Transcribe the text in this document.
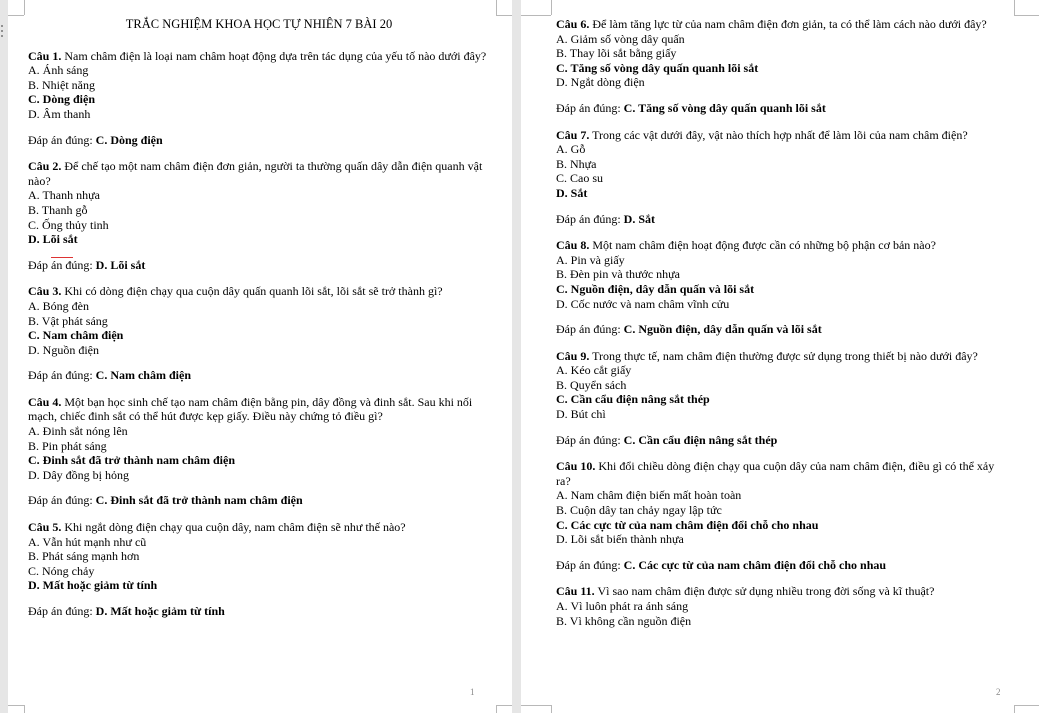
TRẮC NGHIỆM KHOA HỌC TỰ NHIÊN 7 BÀI 20
Câu 1. Nam châm điện là loại nam châm hoạt động dựa trên tác dụng của yếu tố nào dưới đây?
A. Ánh sáng
B. Nhiệt năng
C. Dòng điện
D. Âm thanh
Đáp án đúng: C. Dòng điện
Câu 2. Để chế tạo một nam châm điện đơn giản, người ta thường quấn dây dẫn điện quanh vật nào?
A. Thanh nhựa
B. Thanh gỗ
C. Ống thủy tinh
D. Lõi sắt
Đáp án đúng: D. Lõi sắt
Câu 3. Khi có dòng điện chạy qua cuộn dây quấn quanh lõi sắt, lõi sắt sẽ trở thành gì?
A. Bóng đèn
B. Vật phát sáng
C. Nam châm điện
D. Nguồn điện
Đáp án đúng: C. Nam châm điện
Câu 4. Một bạn học sinh chế tạo nam châm điện bằng pin, dây đồng và đinh sắt. Sau khi nối mạch, chiếc đinh sắt có thể hút được kẹp giấy. Điều này chứng tỏ điều gì?
A. Đinh sắt nóng lên
B. Pin phát sáng
C. Đinh sắt đã trở thành nam châm điện
D. Dây đồng bị hỏng
Đáp án đúng: C. Đinh sắt đã trở thành nam châm điện
Câu 5. Khi ngắt dòng điện chạy qua cuộn dây, nam châm điện sẽ như thế nào?
A. Vẫn hút mạnh như cũ
B. Phát sáng mạnh hơn
C. Nóng chảy
D. Mất hoặc giảm từ tính
Đáp án đúng: D. Mất hoặc giảm từ tính
1
Câu 6. Để làm tăng lực từ của nam châm điện đơn giản, ta có thể làm cách nào dưới đây?
A. Giảm số vòng dây quấn
B. Thay lõi sắt bằng giấy
C. Tăng số vòng dây quấn quanh lõi sắt
D. Ngắt dòng điện
Đáp án đúng: C. Tăng số vòng dây quấn quanh lõi sắt
Câu 7. Trong các vật dưới đây, vật nào thích hợp nhất để làm lõi của nam châm điện?
A. Gỗ
B. Nhựa
C. Cao su
D. Sắt
Đáp án đúng: D. Sắt
Câu 8. Một nam châm điện hoạt động được cần có những bộ phận cơ bản nào?
A. Pin và giấy
B. Đèn pin và thước nhựa
C. Nguồn điện, dây dẫn quấn và lõi sắt
D. Cốc nước và nam châm vĩnh cửu
Đáp án đúng: C. Nguồn điện, dây dẫn quấn và lõi sắt
Câu 9. Trong thực tế, nam châm điện thường được sử dụng trong thiết bị nào dưới đây?
A. Kéo cắt giấy
B. Quyển sách
C. Cần cẩu điện nâng sắt thép
D. Bút chì
Đáp án đúng: C. Cần cẩu điện nâng sắt thép
Câu 10. Khi đổi chiều dòng điện chạy qua cuộn dây của nam châm điện, điều gì có thể xảy ra?
A. Nam châm điện biến mất hoàn toàn
B. Cuộn dây tan chảy ngay lập tức
C. Các cực từ của nam châm điện đổi chỗ cho nhau
D. Lõi sắt biến thành nhựa
Đáp án đúng: C. Các cực từ của nam châm điện đổi chỗ cho nhau
Câu 11. Vì sao nam châm điện được sử dụng nhiều trong đời sống và kĩ thuật?
A. Vì luôn phát ra ánh sáng
B. Vì không cần nguồn điện
2
